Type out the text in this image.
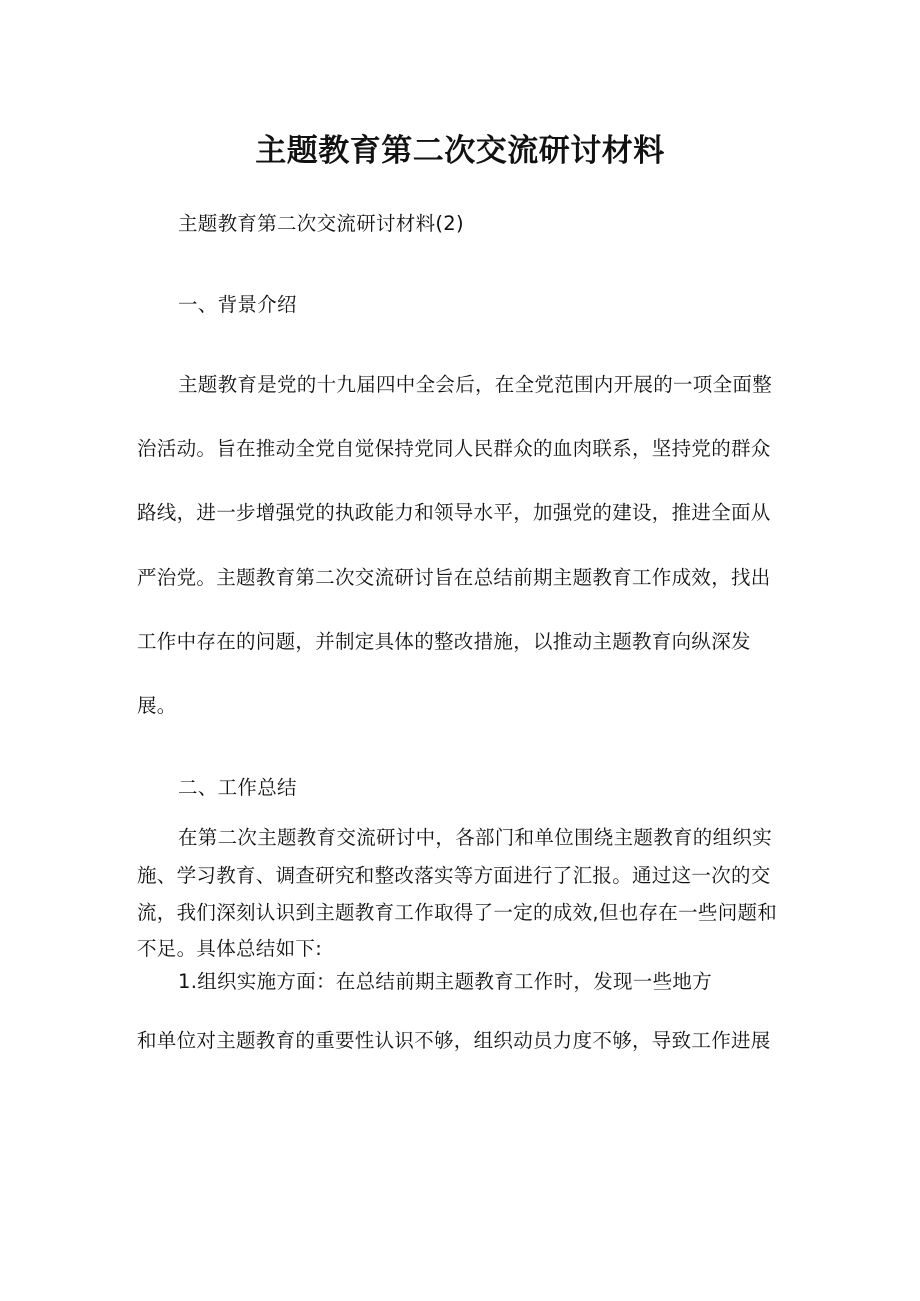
主题教育第二次交流研讨材料
主题教育第二次交流研讨材料(2)
一、背景介绍
主题教育是党的十九届四中全会后，在全党范围内开展的一项全面整
治活动。旨在推动全党自觉保持党同人民群众的血肉联系，坚持党的群众
路线，进一步增强党的执政能力和领导水平，加强党的建设，推进全面从
严治党。主题教育第二次交流研讨旨在总结前期主题教育工作成效，找出
工作中存在的问题，并制定具体的整改措施，以推动主题教育向纵深发
展。
二、工作总结
在第二次主题教育交流研讨中，各部门和单位围绕主题教育的组织实
施、学习教育、调查研究和整改落实等方面进行了汇报。通过这一次的交
流，我们深刻认识到主题教育工作取得了一定的成效,但也存在一些问题和
不足。具体总结如下:
1.组织实施方面：在总结前期主题教育工作时，发现一些地方
和单位对主题教育的重要性认识不够，组织动员力度不够，导致工作进展
